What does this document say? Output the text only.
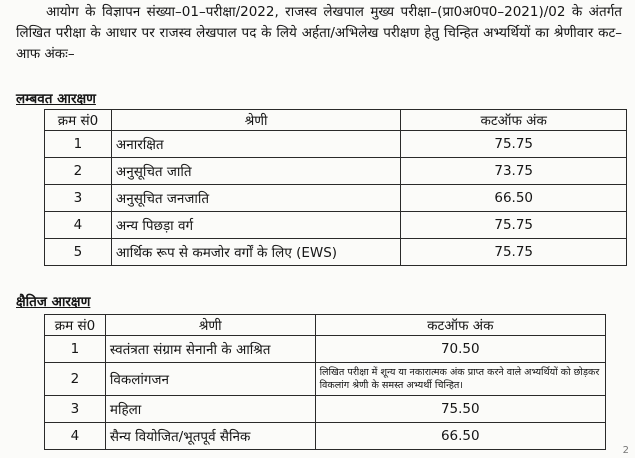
आयोग के विज्ञापन संख्या–01–परीक्षा/2022, राजस्व लेखपाल मुख्य परीक्षा–(प्रा0अ0प0–2021)/02 के अंतर्गत लिखित परीक्षा के आधार पर राजस्व लेखपाल पद के लिये अर्हता/अभिलेख परीक्षण हेतु चिन्हित अभ्यर्थियों का श्रेणीवार कट–आफ अंकः–

लम्बवत आरक्षण
क्रम सं0	श्रेणी	कटऑफ अंक
1	अनारक्षित	75.75
2	अनुसूचित जाति	73.75
3	अनुसूचित जनजाति	66.50
4	अन्य पिछड़ा वर्ग	75.75
5	आर्थिक रूप से कमजोर वर्गों के लिए (EWS)	75.75
क्षैतिज आरक्षण
क्रम सं0	श्रेणी	कटऑफ अंक
1	स्वतंत्रता संग्राम सेनानी के आश्रित	70.50
2	विकलांगजन	लिखित परीक्षा में शून्य या नकारात्मक अंक प्राप्त करने वाले अभ्यर्थियों को छोड़कर विकलांग श्रेणी के समस्त अभ्यर्थी चिन्हित।
3	महिला	75.50
4	सैन्य वियोजित/भूतपूर्व सैनिक	66.50
2
